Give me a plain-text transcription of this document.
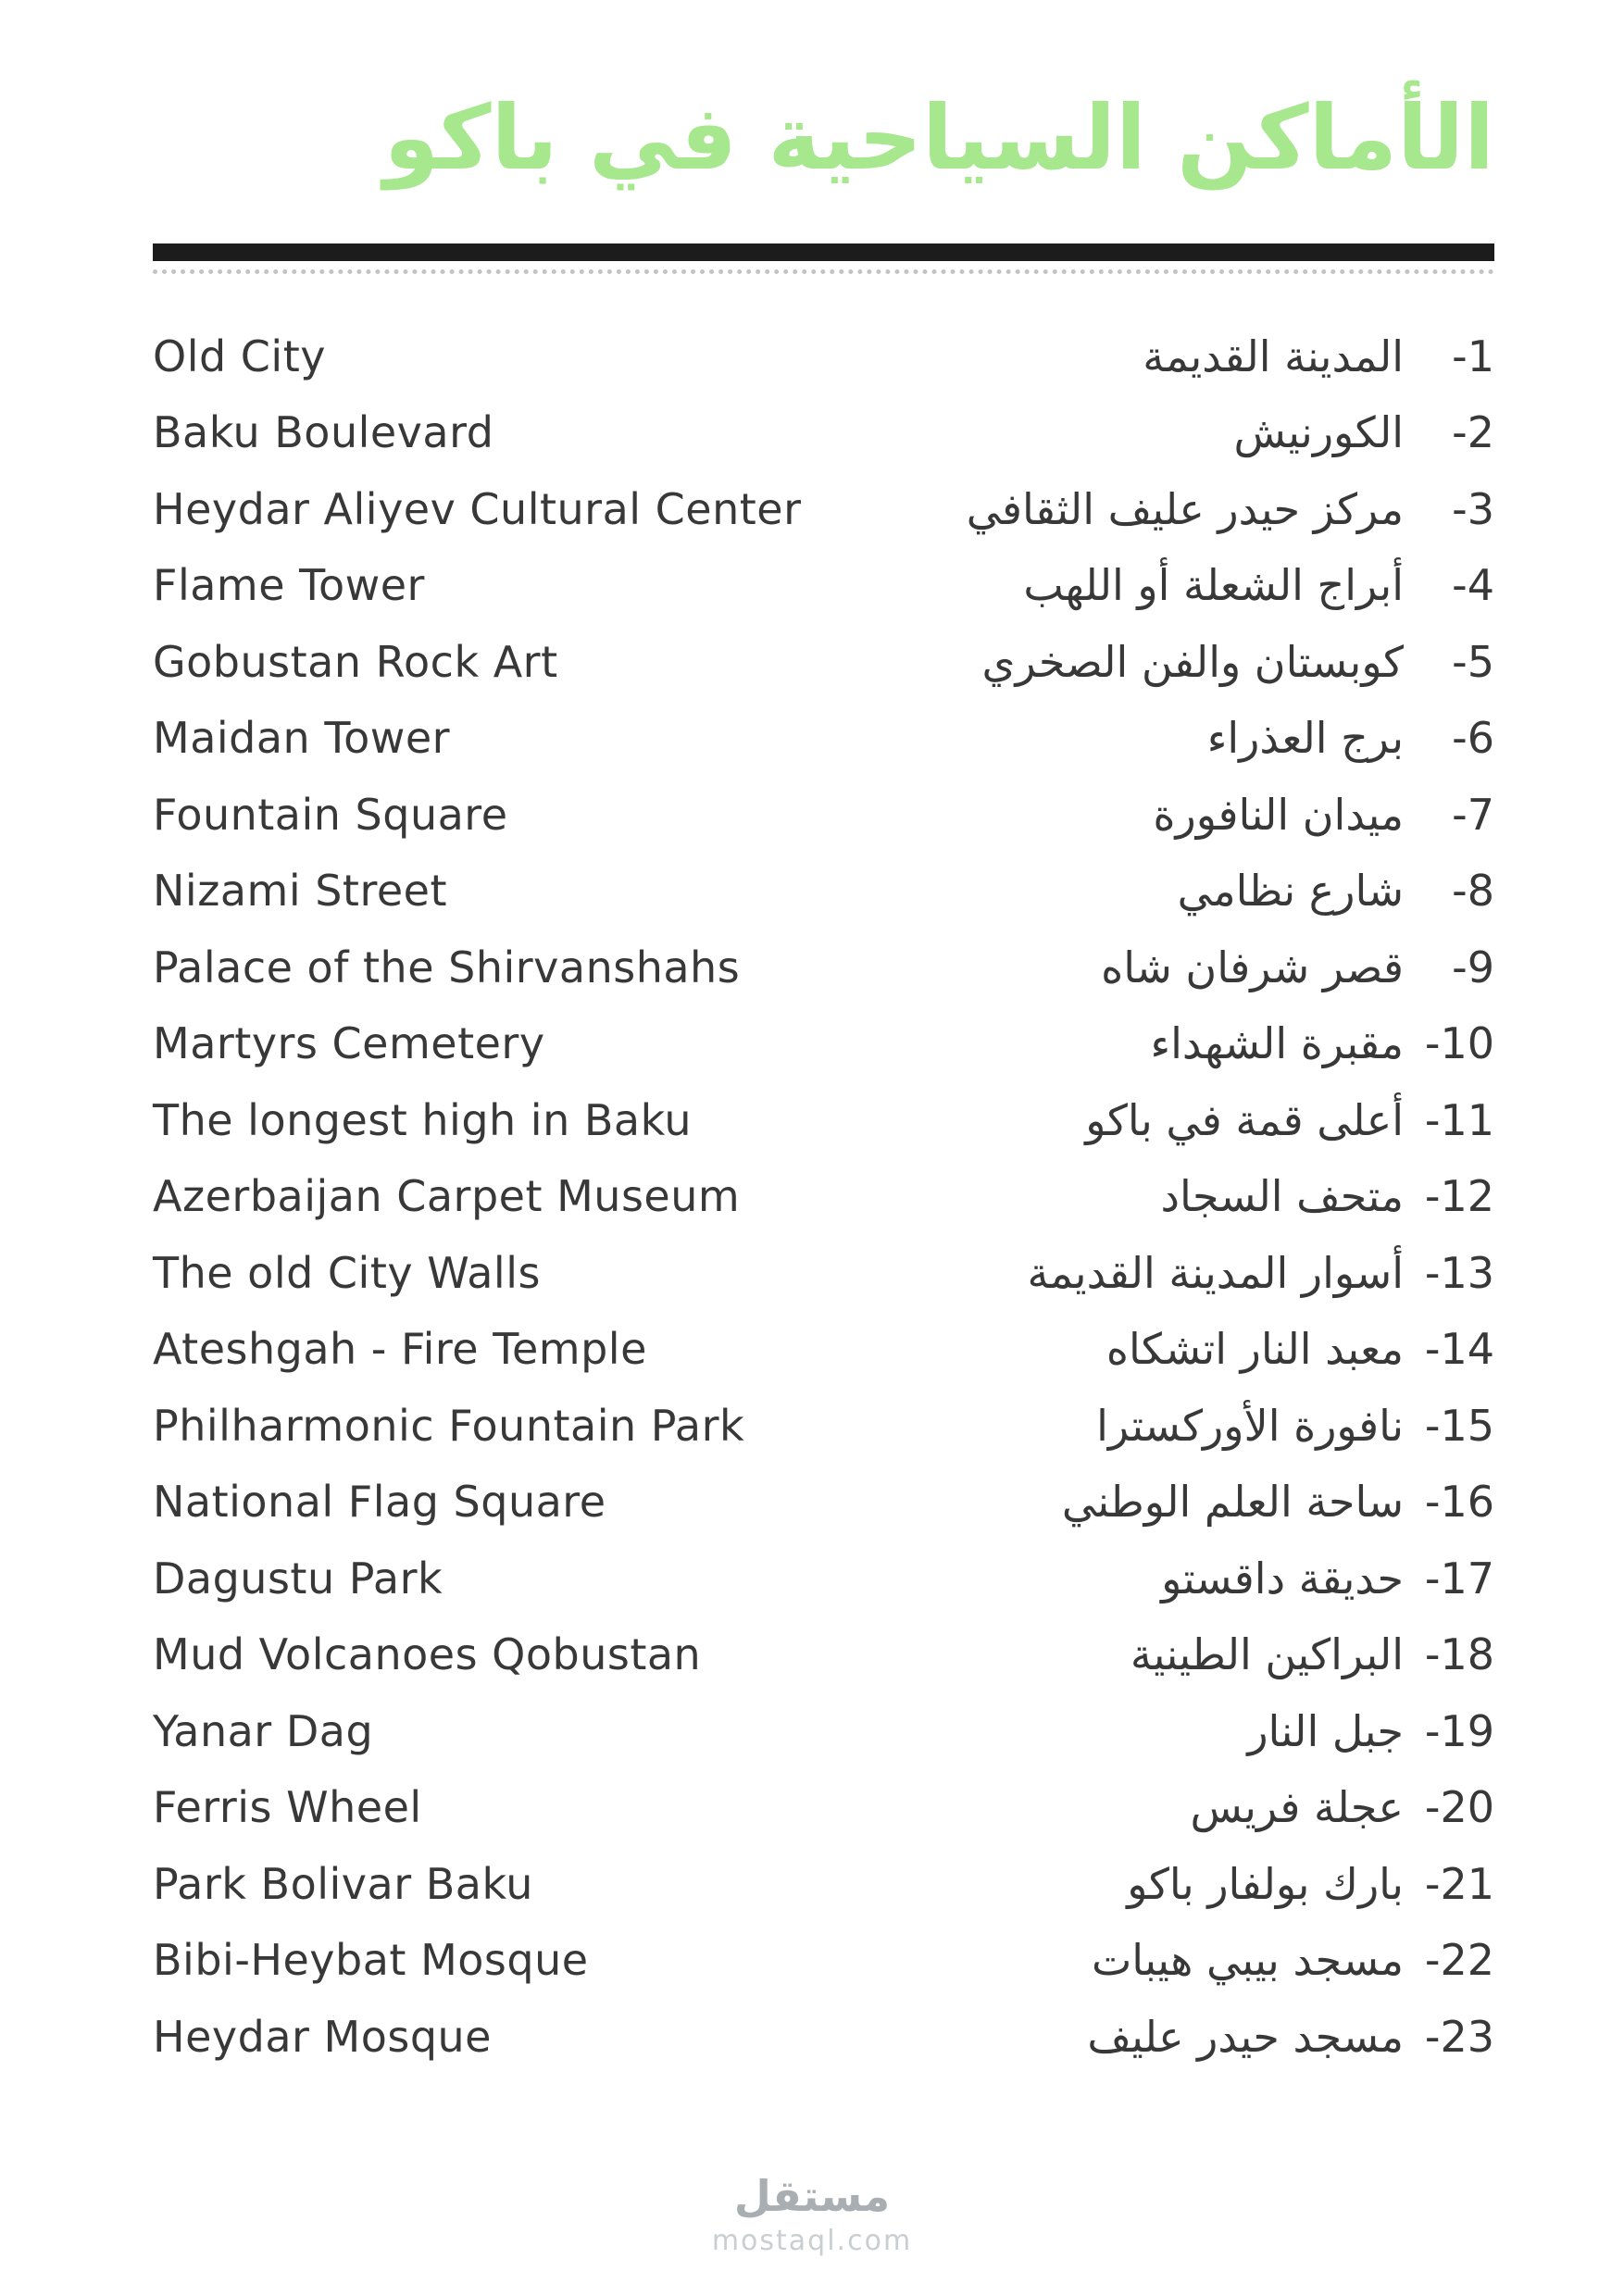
الأماكن السياحية في باكو
Old City	المدينة القديمة	-1
Baku Boulevard	الكورنيش	-2
Heydar Aliyev Cultural Center	مركز حيدر عليف الثقافي	-3
Flame Tower	أبراج الشعلة أو اللهب	-4
Gobustan Rock Art	كوبستان والفن الصخري	-5
Maidan Tower	برج العذراء	-6
Fountain Square	ميدان النافورة	-7
Nizami Street	شارع نظامي	-8
Palace of the Shirvanshahs	قصر شرفان شاه	-9
Martyrs Cemetery	مقبرة الشهداء -10
The longest high in Baku	أعلى قمة في باكو -11
Azerbaijan Carpet Museum	متحف السجاد -12
The old City Walls	أسوار المدينة القديمة -13
Ateshgah - Fire Temple	معبد النار اتشكاه -14
Philharmonic Fountain Park	نافورة الأوركسترا -15
National Flag Square	ساحة العلم الوطني -16
Dagustu Park	حديقة داقستو -17
Mud Volcanoes Qobustan	البراكين الطينية -18
Yanar Dag	جبل النار -19
Ferris Wheel	عجلة فريس -20
Park Bolivar Baku	بارك بولفار باكو -21
Bibi-Heybat Mosque	مسجد بيبي هيبات -22
Heydar Mosque	مسجد حيدر عليف -23
مستقل
mostaql.com
